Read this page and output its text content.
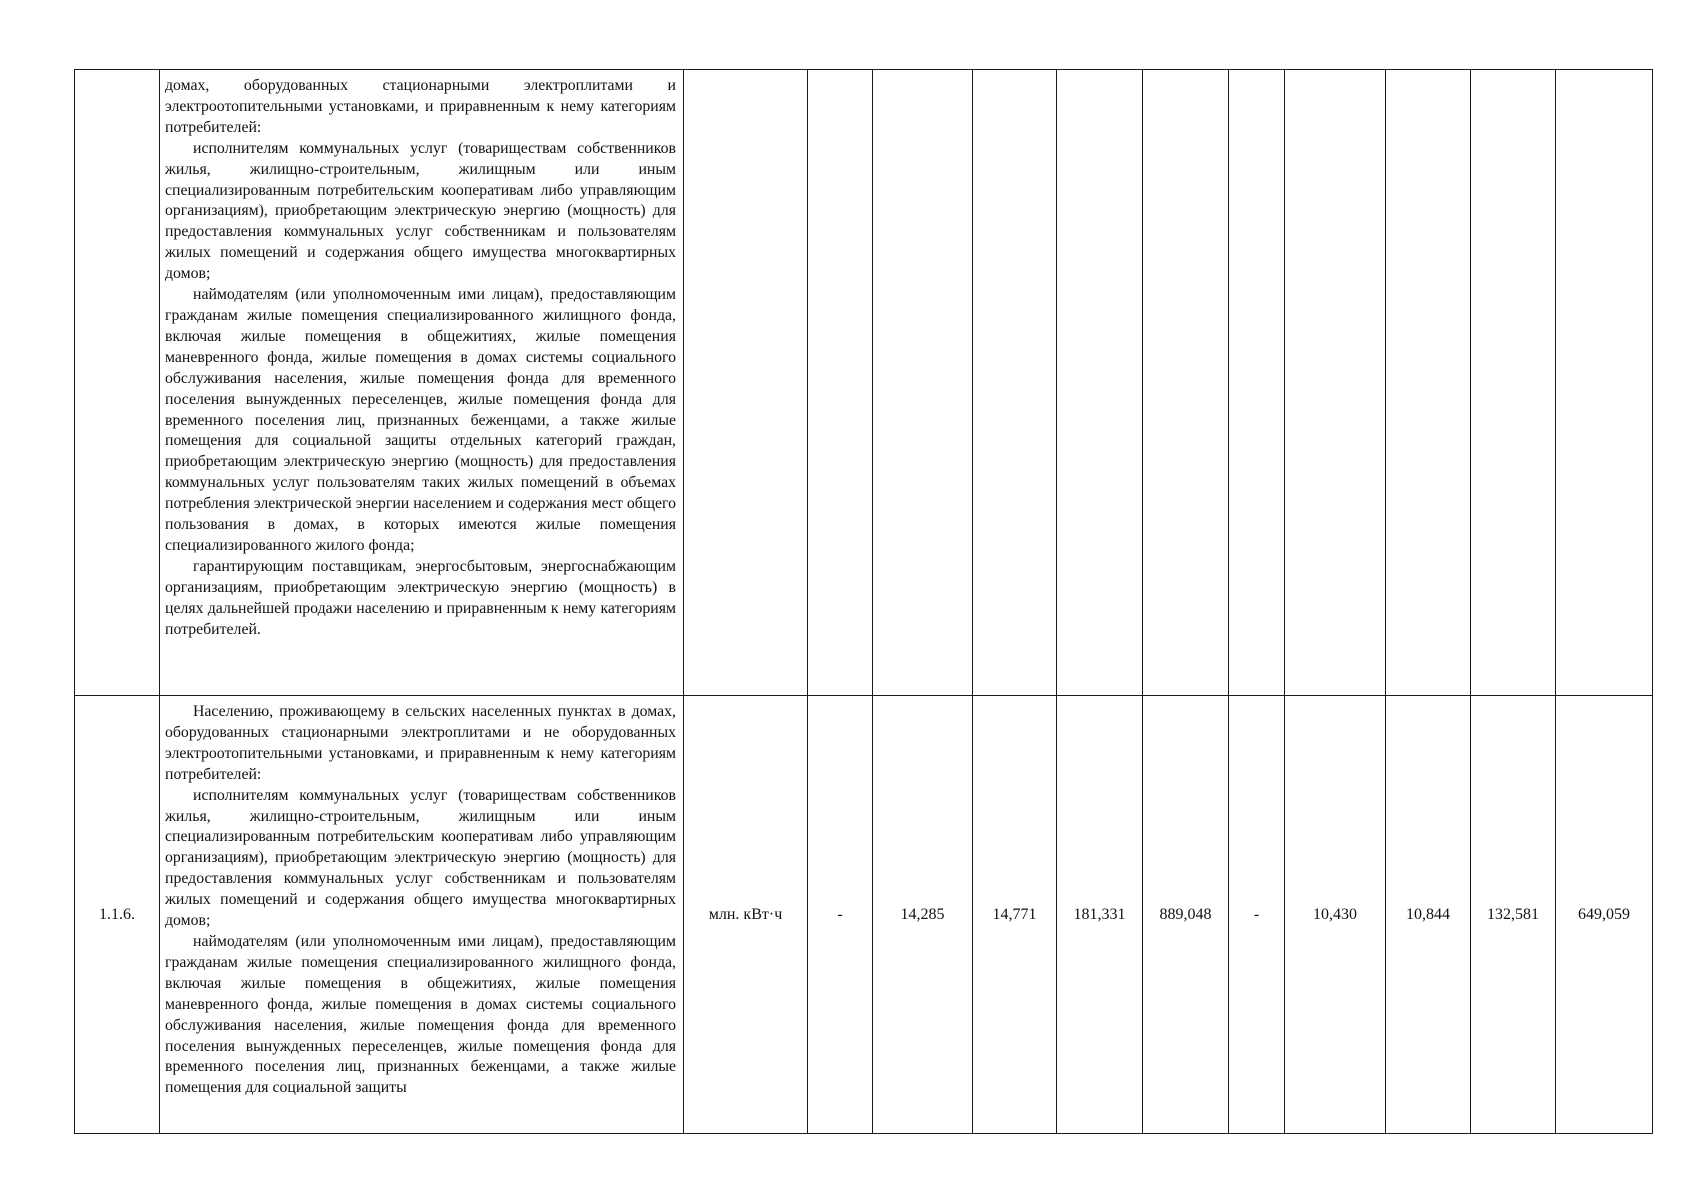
	домах, оборудованных стационарными электроплитами и электроотопительными установками, и приравненным к нему категориям потребителей:

исполнителям коммунальных услуг (товариществам собственников жилья, жилищно-строительным, жилищным или иным специализированным потребительским кооперативам либо управляющим организациям), приобретающим электрическую энергию (мощность) для предоставления коммунальных услуг собственникам и пользователям жилых помещений и содержания общего имущества многоквартирных домов;

наймодателям (или уполномоченным ими лицам), предоставляющим гражданам жилые помещения специализированного жилищного фонда, включая жилые помещения в общежитиях, жилые помещения маневренного фонда, жилые помещения в домах системы социального обслуживания населения, жилые помещения фонда для временного поселения вынужденных переселенцев, жилые помещения фонда для временного поселения лиц, признанных беженцами, а также жилые помещения для социальной защиты отдельных категорий граждан, приобретающим электрическую энергию (мощность) для предоставления коммунальных услуг пользователям таких жилых помещений в объемах потребления электрической энергии населением и содержания мест общего пользования в домах, в которых имеются жилые помещения специализированного жилого фонда;

гарантирующим поставщикам, энергосбытовым, энергоснабжающим организациям, приобретающим электрическую энергию (мощность) в целях дальнейшей продажи населению и приравненным к нему категориям потребителей.											

1.1.6.	Населению, проживающему в сельских населенных пунктах в домах, оборудованных стационарными электроплитами и не оборудованных электроотопительными установками, и приравненным к нему категориям потребителей:

исполнителям коммунальных услуг (товариществам собственников жилья, жилищно-строительным, жилищным или иным специализированным потребительским кооперативам либо управляющим организациям), приобретающим электрическую энергию (мощность) для предоставления коммунальных услуг собственникам и пользователям жилых помещений и содержания общего имущества многоквартирных домов;

наймодателям (или уполномоченным ими лицам), предоставляющим гражданам жилые помещения специализированного жилищного фонда, включая жилые помещения в общежитиях, жилые помещения маневренного фонда, жилые помещения в домах системы социального обслуживания населения, жилые помещения фонда для временного поселения вынужденных переселенцев, жилые помещения фонда для временного поселения лиц, признанных беженцами, а также жилые помещения для социальной защиты	млн. кВт·ч	-	14,285	14,771	181,331	889,048	-	10,430	10,844	132,581	649,059
